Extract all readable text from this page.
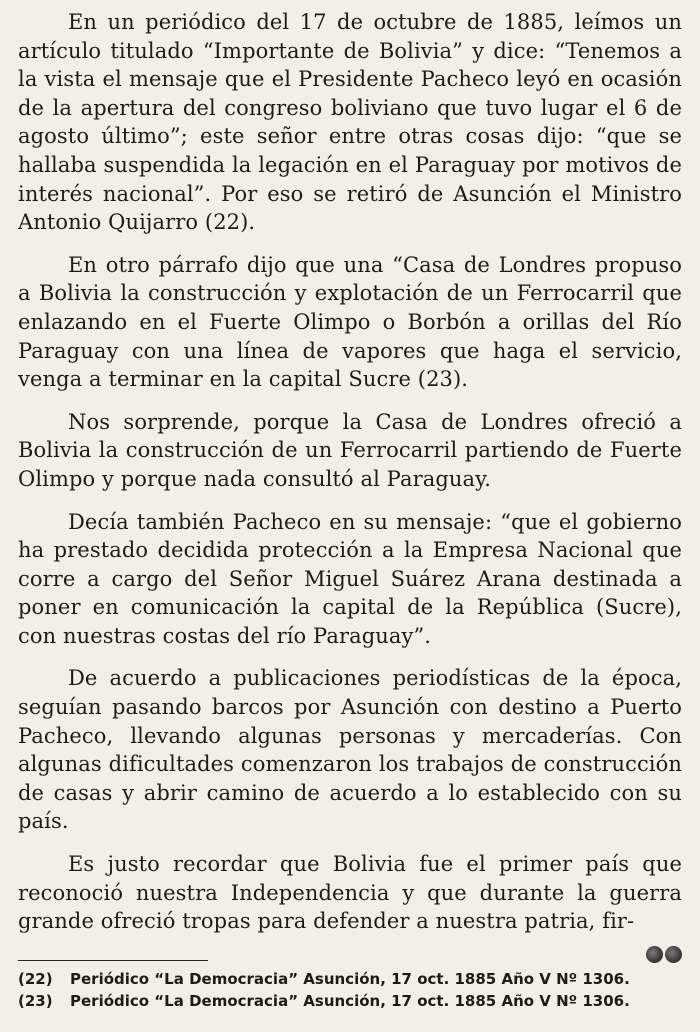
En un periódico del 17 de octubre de 1885, leímos un artículo titulado “Importante de Bolivia” y dice: “Tenemos a la vista el mensaje que el Presidente Pacheco leyó en ocasión de la apertura del congreso boliviano que tuvo lugar el 6 de agosto último”; este señor entre otras cosas dijo: “que se hallaba suspendida la legación en el Paraguay por motivos de interés nacional”. Por eso se retiró de Asunción el Ministro Antonio Quijarro (22).

En otro párrafo dijo que una “Casa de Londres propuso a Bolivia la construcción y explotación de un Ferrocarril que enlazando en el Fuerte Olimpo o Borbón a orillas del Río Paraguay con una línea de vapores que haga el servicio, venga a terminar en la capital Sucre (23).

Nos sorprende, porque la Casa de Londres ofreció a Bolivia la construcción de un Ferrocarril partiendo de Fuerte Olimpo y porque nada consultó al Paraguay.

Decía también Pacheco en su mensaje: “que el gobierno ha prestado decidida protección a la Empresa Nacional que corre a cargo del Señor Miguel Suárez Arana destinada a poner en comunicación la capital de la República (Sucre), con nuestras costas del río Paraguay”.

De acuerdo a publicaciones periodísticas de la época, seguían pasando barcos por Asunción con destino a Puerto Pacheco, llevando algunas personas y mercaderías. Con algunas dificultades comenzaron los trabajos de construcción de casas y abrir camino de acuerdo a lo establecido con su país.

Es justo recordar que Bolivia fue el primer país que reconoció nuestra Independencia y que durante la guerra grande ofreció tropas para defender a nuestra patria, fir-

(22) Periódico “La Democracia” Asunción, 17 oct. 1885 Año V Nº 1306.
(23) Periódico “La Democracia” Asunción, 17 oct. 1885 Año V Nº 1306.
